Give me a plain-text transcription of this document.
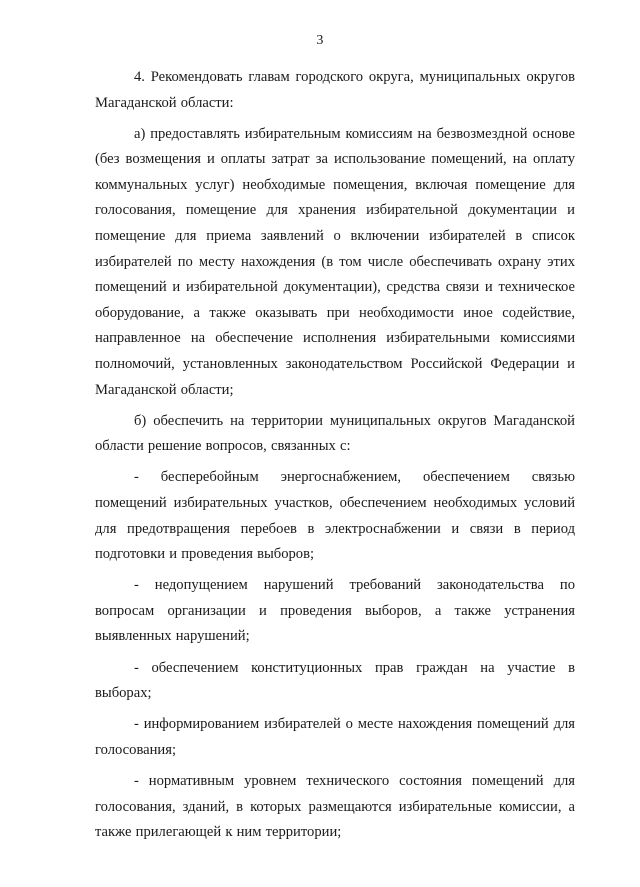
3

4. Рекомендовать главам городского округа, муниципальных округов Магаданской области:

а) предоставлять избирательным комиссиям на безвозмездной основе (без возмещения и оплаты затрат за использование помещений, на оплату коммунальных услуг) необходимые помещения, включая помещение для голосования, помещение для хранения избирательной документации и помещение для приема заявлений о включении избирателей в список избирателей по месту нахождения (в том числе обеспечивать охрану этих помещений и избирательной документации), средства связи и техническое оборудование, а также оказывать при необходимости иное содействие, направленное на обеспечение исполнения избирательными комиссиями полномочий, установленных законодательством Российской Федерации и Магаданской области;

б) обеспечить на территории муниципальных округов Магаданской области решение вопросов, связанных с:

- бесперебойным энергоснабжением, обеспечением связью помещений избирательных участков, обеспечением необходимых условий для предотвращения перебоев в электроснабжении и связи в период подготовки и проведения выборов;

- недопущением нарушений требований законодательства по вопросам организации и проведения выборов, а также устранения выявленных нарушений;

- обеспечением конституционных прав граждан на участие в выборах;

- информированием избирателей о месте нахождения помещений для голосования;

- нормативным уровнем технического состояния помещений для голосования, зданий, в которых размещаются избирательные комиссии, а также прилегающей к ним территории;
